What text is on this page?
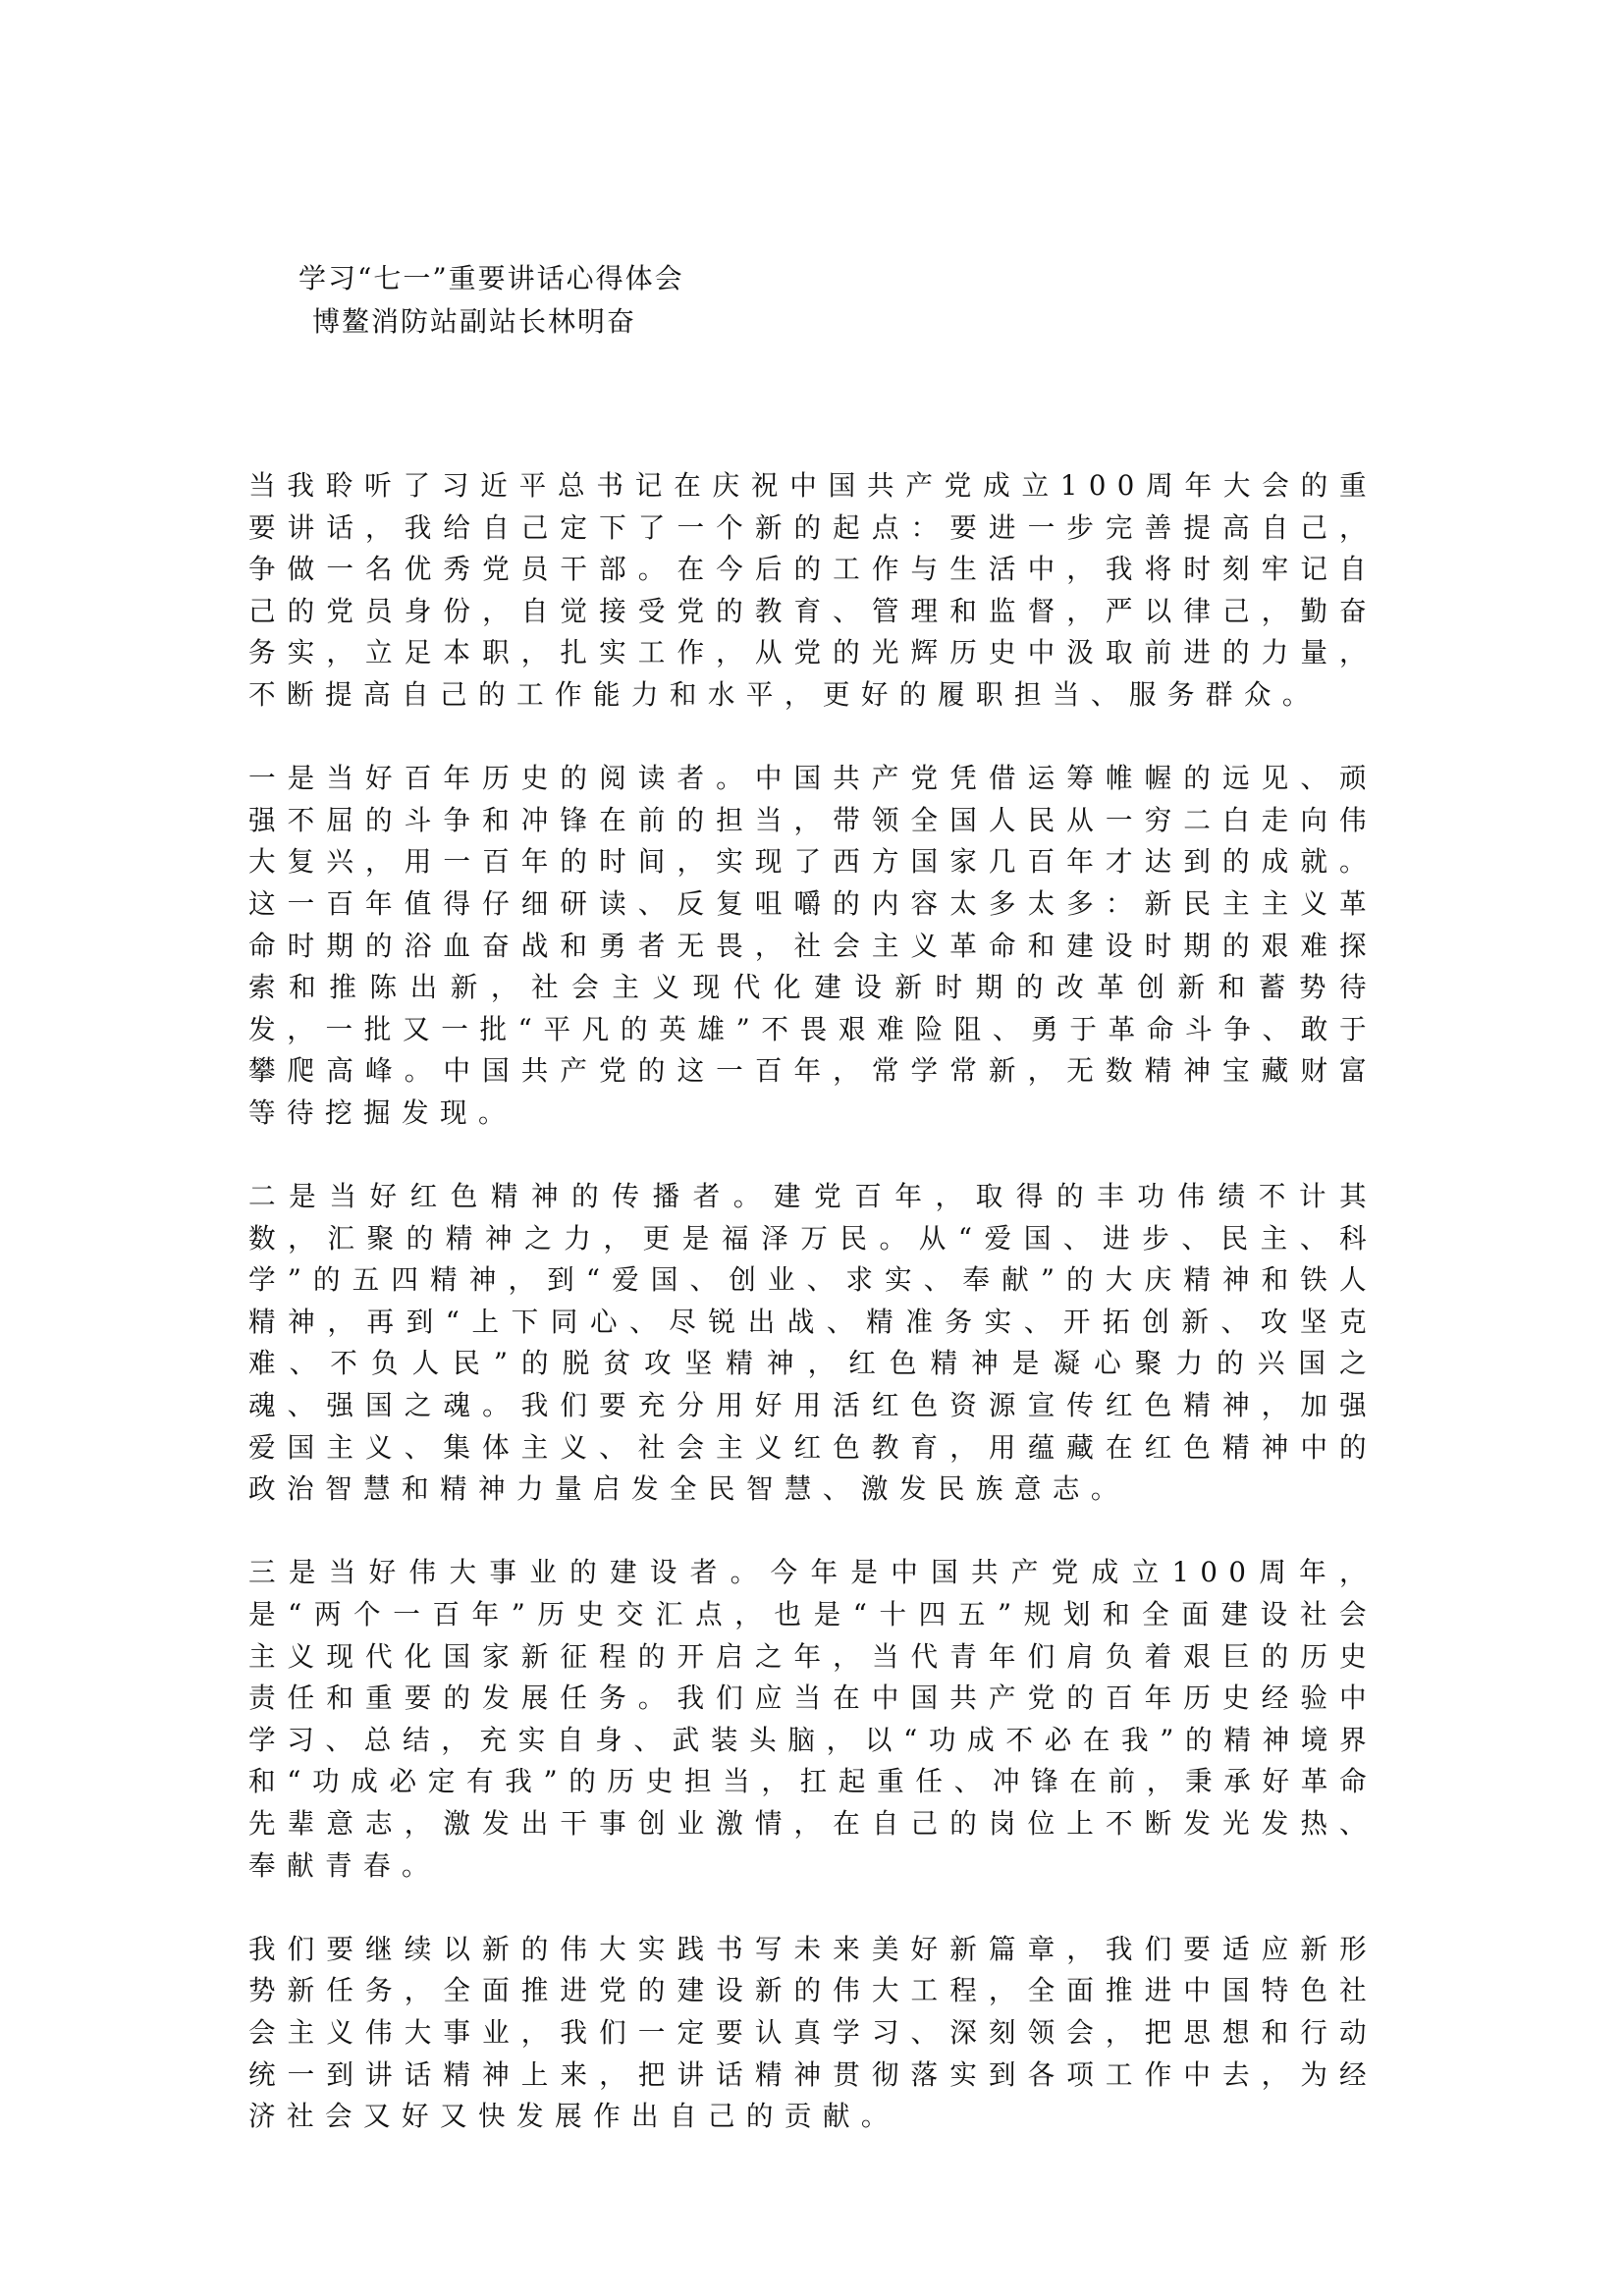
学习“七一”重要讲话心得体会

博鳌消防站副站长林明奋

当我聆听了习近平总书记在庆祝中国共产党成立100周年大会的重要讲话，我给自己定下了一个新的起点：要进一步完善提高自己，争做一名优秀党员干部。在今后的工作与生活中，我将时刻牢记自己的党员身份，自觉接受党的教育、管理和监督，严以律己，勤奋务实，立足本职，扎实工作，从党的光辉历史中汲取前进的力量，不断提高自己的工作能力和水平，更好的履职担当、服务群众。

一是当好百年历史的阅读者。中国共产党凭借运筹帷幄的远见、顽强不屈的斗争和冲锋在前的担当，带领全国人民从一穷二白走向伟大复兴，用一百年的时间，实现了西方国家几百年才达到的成就。这一百年值得仔细研读、反复咀嚼的内容太多太多：新民主主义革命时期的浴血奋战和勇者无畏，社会主义革命和建设时期的艰难探索和推陈出新，社会主义现代化建设新时期的改革创新和蓄势待发，一批又一批“平凡的英雄”不畏艰难险阻、勇于革命斗争、敢于攀爬高峰。中国共产党的这一百年，常学常新，无数精神宝藏财富等待挖掘发现。

二是当好红色精神的传播者。建党百年，取得的丰功伟绩不计其数，汇聚的精神之力，更是福泽万民。从“爱国、进步、民主、科学”的五四精神，到“爱国、创业、求实、奉献”的大庆精神和铁人精神，再到“上下同心、尽锐出战、精准务实、开拓创新、攻坚克难、不负人民”的脱贫攻坚精神，红色精神是凝心聚力的兴国之魂、强国之魂。我们要充分用好用活红色资源宣传红色精神，加强爱国主义、集体主义、社会主义红色教育，用蕴藏在红色精神中的政治智慧和精神力量启发全民智慧、激发民族意志。

三是当好伟大事业的建设者。今年是中国共产党成立100周年，是“两个一百年”历史交汇点，也是“十四五”规划和全面建设社会主义现代化国家新征程的开启之年，当代青年们肩负着艰巨的历史责任和重要的发展任务。我们应当在中国共产党的百年历史经验中学习、总结，充实自身、武装头脑，以“功成不必在我”的精神境界和“功成必定有我”的历史担当，扛起重任、冲锋在前，秉承好革命先辈意志，激发出干事创业激情，在自己的岗位上不断发光发热、奉献青春。

我们要继续以新的伟大实践书写未来美好新篇章，我们要适应新形势新任务，全面推进党的建设新的伟大工程，全面推进中国特色社会主义伟大事业，我们一定要认真学习、深刻领会，把思想和行动统一到讲话精神上来，把讲话精神贯彻落实到各项工作中去，为经济社会又好又快发展作出自己的贡献。
